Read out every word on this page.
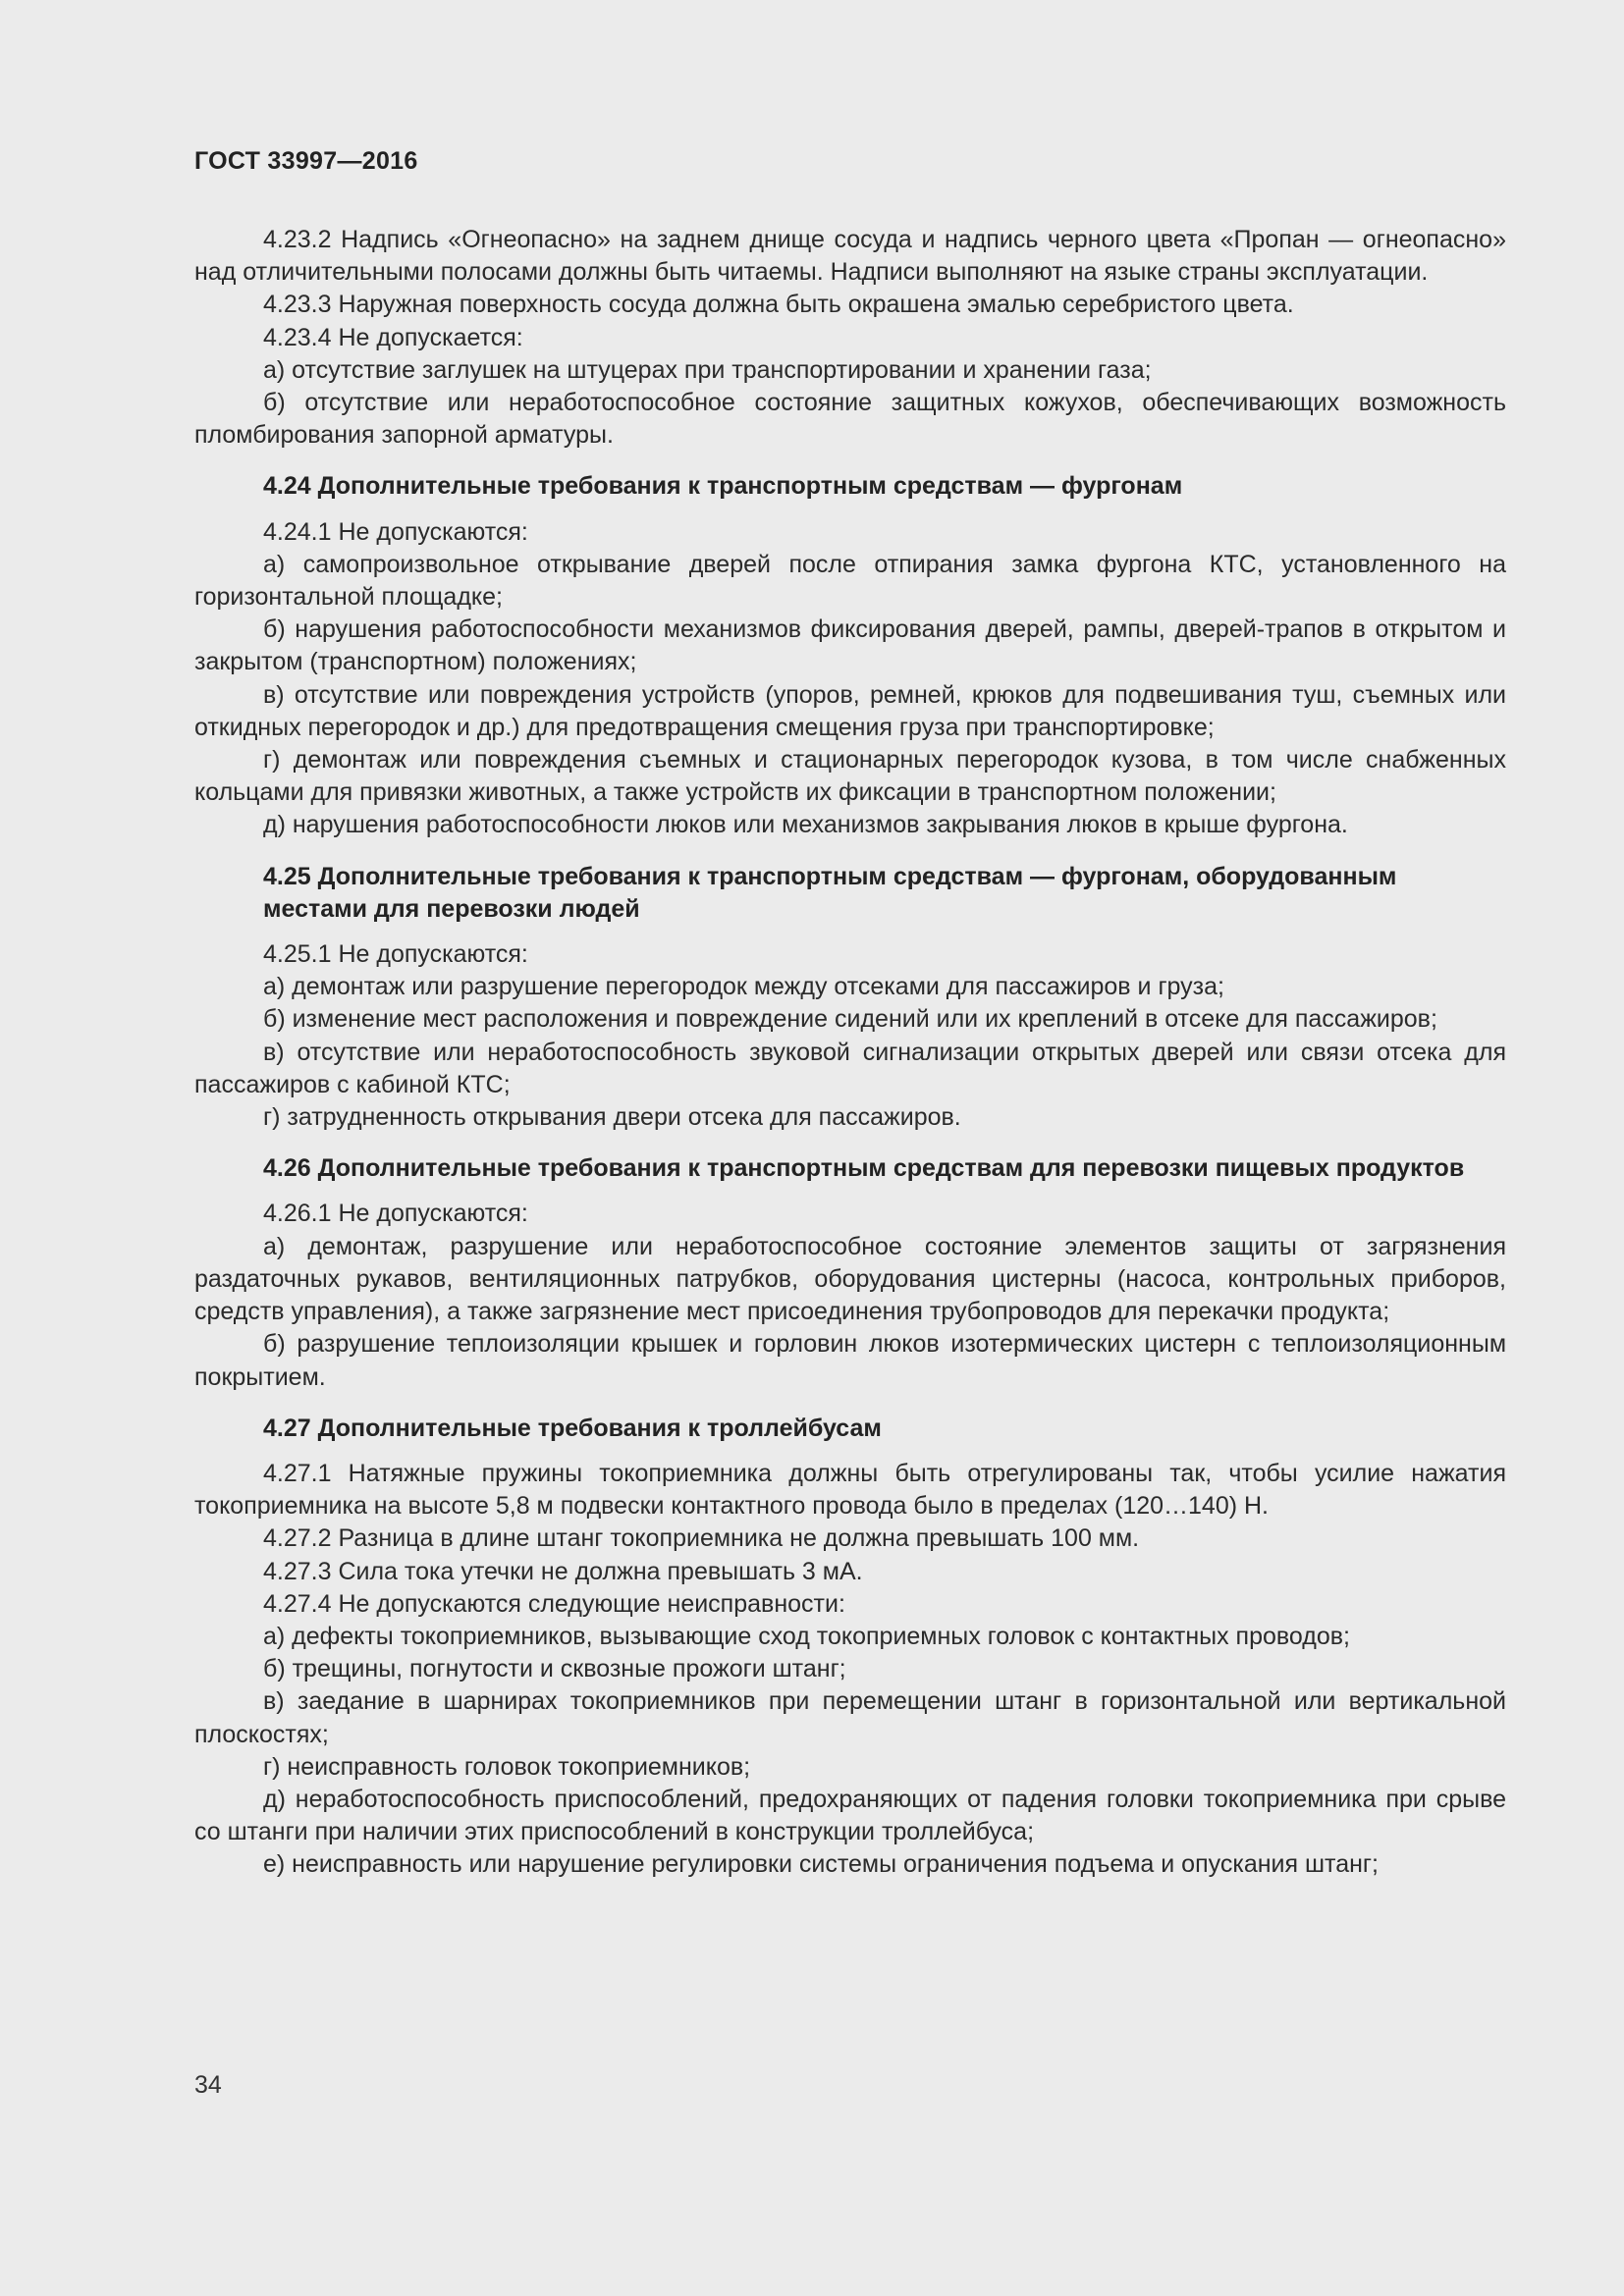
ГОСТ 33997—2016

4.23.2 Надпись «Огнеопасно» на заднем днище сосуда и надпись черного цвета «Пропан — огнеопасно» над отличительными полосами должны быть читаемы. Надписи выполняют на языке страны эксплуатации.

4.23.3 Наружная поверхность сосуда должна быть окрашена эмалью серебристого цвета.

4.23.4 Не допускается:

а) отсутствие заглушек на штуцерах при транспортировании и хранении газа;

б) отсутствие или неработоспособное состояние защитных кожухов, обеспечивающих возможность пломбирования запорной арматуры.

4.24 Дополнительные требования к транспортным средствам — фургонам

4.24.1 Не допускаются:

а) самопроизвольное открывание дверей после отпирания замка фургона КТС, установленного на горизонтальной площадке;

б) нарушения работоспособности механизмов фиксирования дверей, рампы, дверей-трапов в открытом и закрытом (транспортном) положениях;

в) отсутствие или повреждения устройств (упоров, ремней, крюков для подвешивания туш, съемных или откидных перегородок и др.) для предотвращения смещения груза при транспортировке;

г) демонтаж или повреждения съемных и стационарных перегородок кузова, в том числе снабженных кольцами для привязки животных, а также устройств их фиксации в транспортном положении;

д) нарушения работоспособности люков или механизмов закрывания люков в крыше фургона.

4.25 Дополнительные требования к транспортным средствам — фургонам, оборудованным местами для перевозки людей

4.25.1 Не допускаются:

а) демонтаж или разрушение перегородок между отсеками для пассажиров и груза;

б) изменение мест расположения и повреждение сидений или их креплений в отсеке для пассажиров;

в) отсутствие или неработоспособность звуковой сигнализации открытых дверей или связи отсека для пассажиров с кабиной КТС;

г) затрудненность открывания двери отсека для пассажиров.

4.26 Дополнительные требования к транспортным средствам для перевозки пищевых продуктов

4.26.1 Не допускаются:

а) демонтаж, разрушение или неработоспособное состояние элементов защиты от загрязнения раздаточных рукавов, вентиляционных патрубков, оборудования цистерны (насоса, контрольных приборов, средств управления), а также загрязнение мест присоединения трубопроводов для перекачки продукта;

б) разрушение теплоизоляции крышек и горловин люков изотермических цистерн с теплоизоляционным покрытием.

4.27 Дополнительные требования к троллейбусам

4.27.1 Натяжные пружины токоприемника должны быть отрегулированы так, чтобы усилие нажатия токоприемника на высоте 5,8 м подвески контактного провода было в пределах (120…140) Н.

4.27.2 Разница в длине штанг токоприемника не должна превышать 100 мм.

4.27.3 Сила тока утечки не должна превышать 3 мА.

4.27.4 Не допускаются следующие неисправности:

а) дефекты токоприемников, вызывающие сход токоприемных головок с контактных проводов;

б) трещины, погнутости и сквозные прожоги штанг;

в) заедание в шарнирах токоприемников при перемещении штанг в горизонтальной или вертикальной плоскостях;

г) неисправность головок токоприемников;

д) неработоспособность приспособлений, предохраняющих от падения головки токоприемника при срыве со штанги при наличии этих приспособлений в конструкции троллейбуса;

е) неисправность или нарушение регулировки системы ограничения подъема и опускания штанг;

34
